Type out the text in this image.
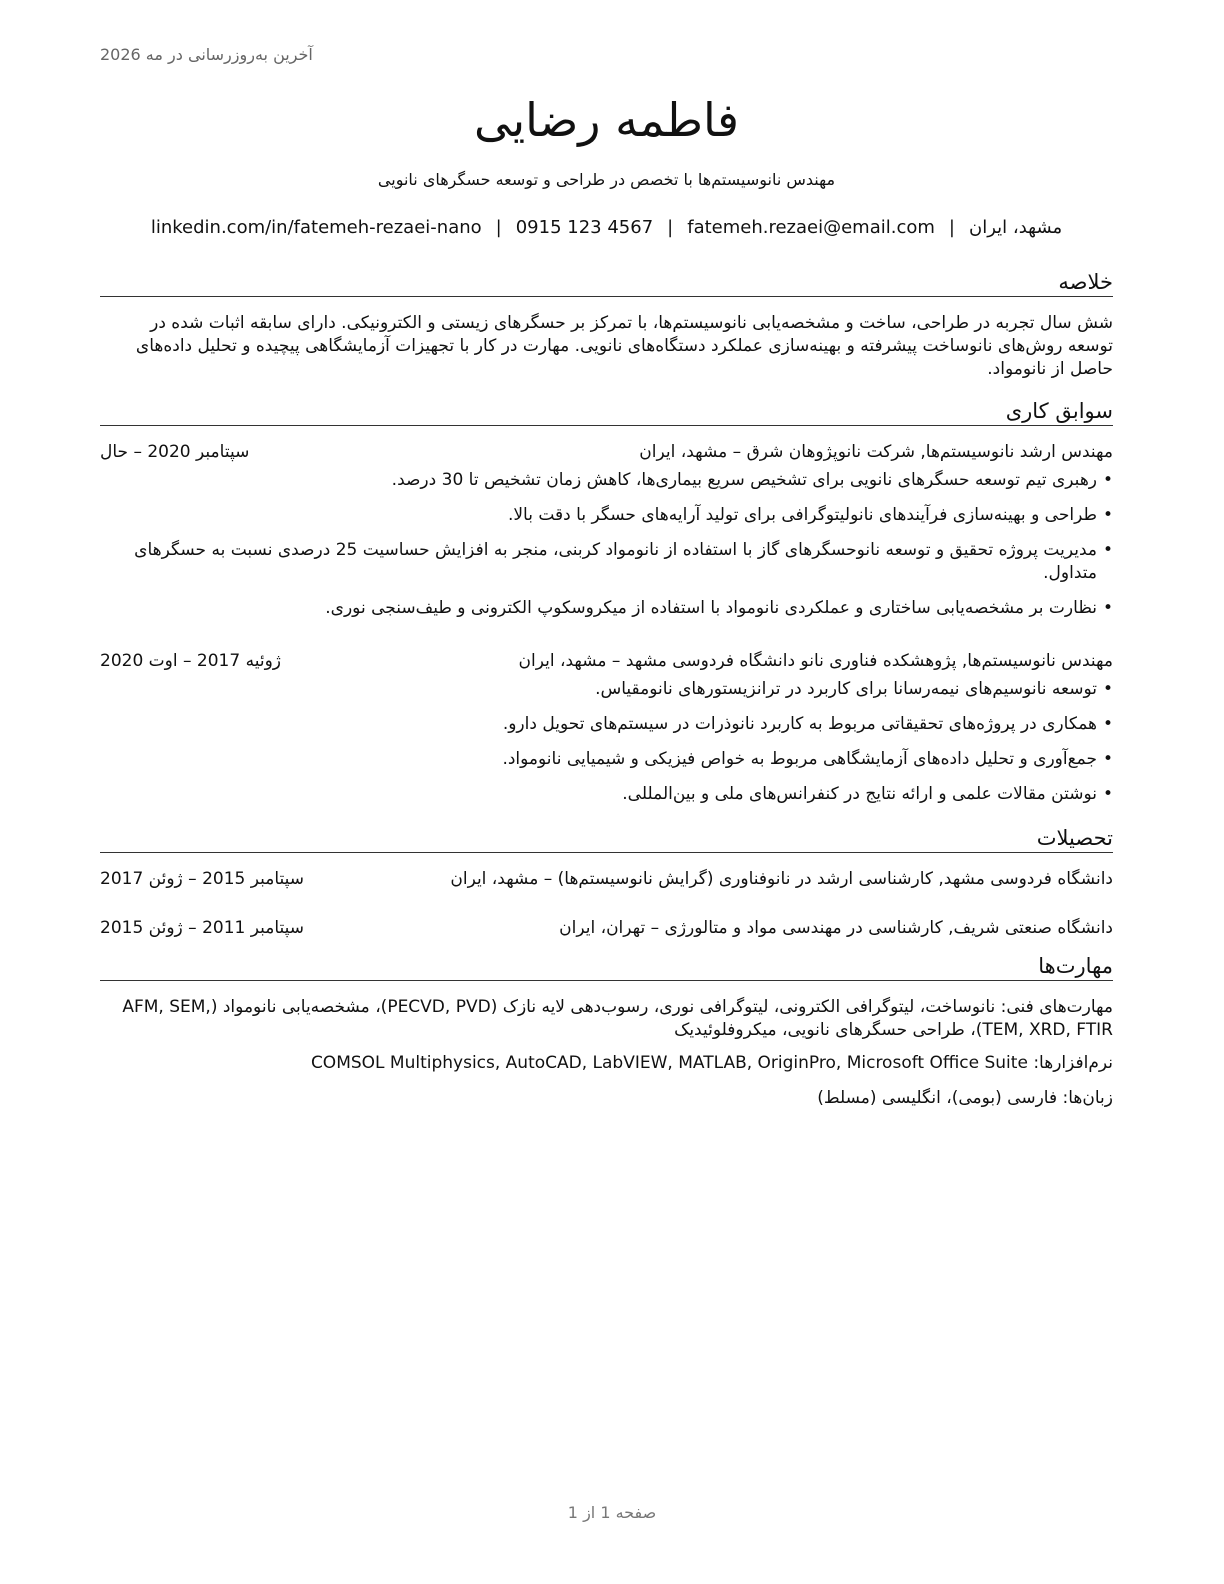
آخرین به‌روزرسانی در مه 2026
فاطمه رضایی
مهندس نانوسیستم‌ها با تخصص در طراحی و توسعه حسگرهای نانویی
مشهد، ایران|fatemeh.rezaei@email.com|0915 123 4567|linkedin.com/in/fatemeh-rezaei-nano
خلاصه
شش سال تجربه در طراحی، ساخت و مشخصه‌یابی نانوسیستم‌ها، با تمرکز بر حسگرهای زیستی و الکترونیکی. دارای سابقه اثبات شده در توسعه روش‌های نانوساخت پیشرفته و بهینه‌سازی عملکرد دستگاه‌های نانویی. مهارت در کار با تجهیزات آزمایشگاهی پیچیده و تحلیل داده‌های حاصل از نانومواد.
سوابق کاری
مهندس ارشد نانوسیستم‌ها, شرکت نانوپژوهان شرق – مشهد، ایران
سپتامبر 2020 – حال
• رهبری تیم توسعه حسگرهای نانویی برای تشخیص سریع بیماری‌ها، کاهش زمان تشخیص تا 30 درصد.
• طراحی و بهینه‌سازی فرآیندهای نانولیتوگرافی برای تولید آرایه‌های حسگر با دقت بالا.
• مدیریت پروژه تحقیق و توسعه نانوحسگرهای گاز با استفاده از نانومواد کربنی، منجر به افزایش حساسیت 25 درصدی نسبت به حسگرهای متداول.
• نظارت بر مشخصه‌یابی ساختاری و عملکردی نانومواد با استفاده از میکروسکوپ الکترونی و طیف‌سنجی نوری.
مهندس نانوسیستم‌ها, پژوهشکده فناوری نانو دانشگاه فردوسی مشهد – مشهد، ایران
ژوئیه 2017 – اوت 2020
• توسعه نانوسیم‌های نیمه‌رسانا برای کاربرد در ترانزیستورهای نانومقیاس.
• همکاری در پروژه‌های تحقیقاتی مربوط به کاربرد نانوذرات در سیستم‌های تحویل دارو.
• جمع‌آوری و تحلیل داده‌های آزمایشگاهی مربوط به خواص فیزیکی و شیمیایی نانومواد.
• نوشتن مقالات علمی و ارائه نتایج در کنفرانس‌های ملی و بین‌المللی.
تحصیلات
دانشگاه فردوسی مشهد, کارشناسی ارشد در نانوفناوری (گرایش نانوسیستم‌ها) – مشهد، ایران
سپتامبر 2015 – ژوئن 2017
دانشگاه صنعتی شریف, کارشناسی در مهندسی مواد و متالورژی – تهران، ایران
سپتامبر 2011 – ژوئن 2015
مهارت‌ها
مهارت‌های فنی: نانوساخت، لیتوگرافی الکترونی، لیتوگرافی نوری، رسوب‌دهی لایه نازک (PECVD, PVD)، مشخصه‌یابی نانومواد (AFM, SEM, TEM, XRD, FTIR)، طراحی حسگرهای نانویی، میکروفلوئیدیک
نرم‌افزارها: COMSOL Multiphysics, AutoCAD, LabVIEW, MATLAB, OriginPro, Microsoft Office Suite
زبان‌ها: فارسی (بومی)، انگلیسی (مسلط)
صفحه 1 از 1
